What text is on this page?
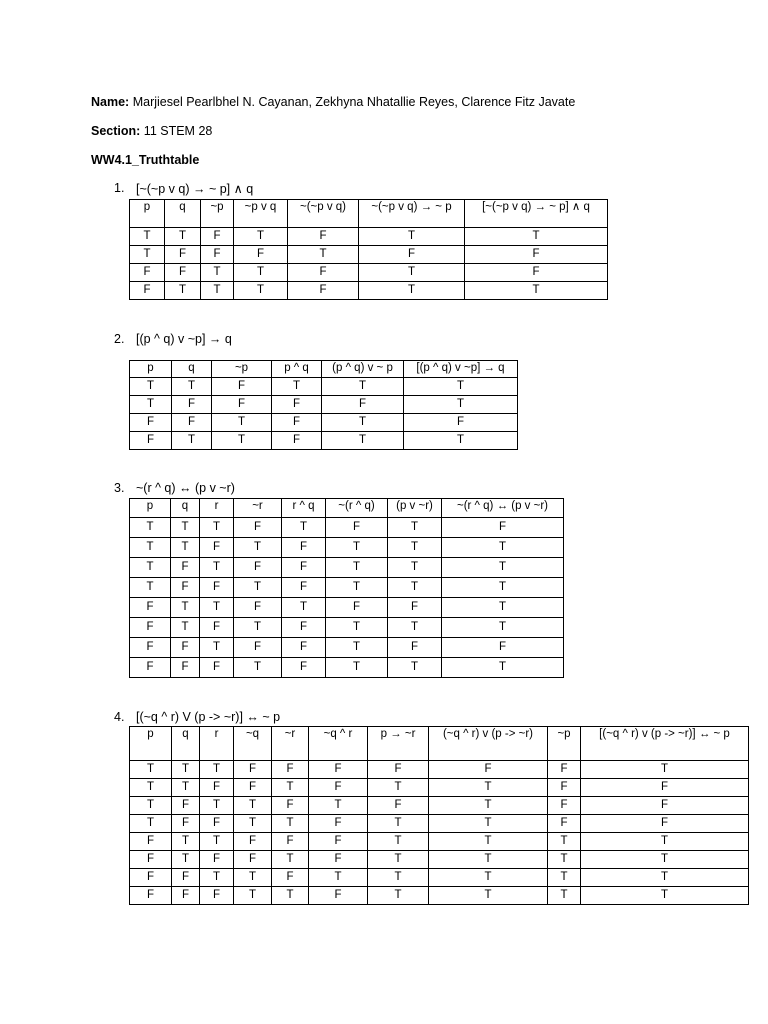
Name: Marjiesel Pearlbhel N. Cayanan, Zekhyna Nhatallie Reyes, Clarence Fitz Javate
Section: 11 STEM 28
WW4.1_Truthtable
1. [~(~p v q) → ~ p] ∧ q
p	q	~p	~p v q	~(~p v q)	~(~p v q) → ~ p	[~(~p v q) → ~ p] ∧ q
T	T	F	T	F	T	T
T	F	F	F	T	F	F
F	F	T	T	F	T	F
F	T	T	T	F	T	T
2. [(p ^ q) v ~p] → q
p	q	~p	p ^ q	(p ^ q) v ~ p	[(p ^ q) v ~p] → q
T	T	F	T	T	T
T	F	F	F	F	T
F	F	T	F	T	F
F	T	T	F	T	T
3. ~(r ^ q) ↔ (p v ~r)
p	q	r	~r	r ^ q	~(r ^ q)	(p v ~r)	~(r ^ q) ↔ (p v ~r)
T	T	T	F	T	F	T	F
T	T	F	T	F	T	T	T
T	F	T	F	F	T	T	T
T	F	F	T	F	T	T	T
F	T	T	F	T	F	F	T
F	T	F	T	F	T	T	T
F	F	T	F	F	T	F	F
F	F	F	T	F	T	T	T
4. [(~q ^ r) V (p -> ~r)] ↔ ~ p
p	q	r	~q	~r	~q ^ r	p → ~r	(~q ^ r) v (p -> ~r)	~p	[(~q ^ r) v (p -> ~r)] ↔ ~ p
T	T	T	F	F	F	F	F	F	T
T	T	F	F	T	F	T	T	F	F
T	F	T	T	F	T	F	T	F	F
T	F	F	T	T	F	T	T	F	F
F	T	T	F	F	F	T	T	T	T
F	T	F	F	T	F	T	T	T	T
F	F	T	T	F	T	T	T	T	T
F	F	F	T	T	F	T	T	T	T
